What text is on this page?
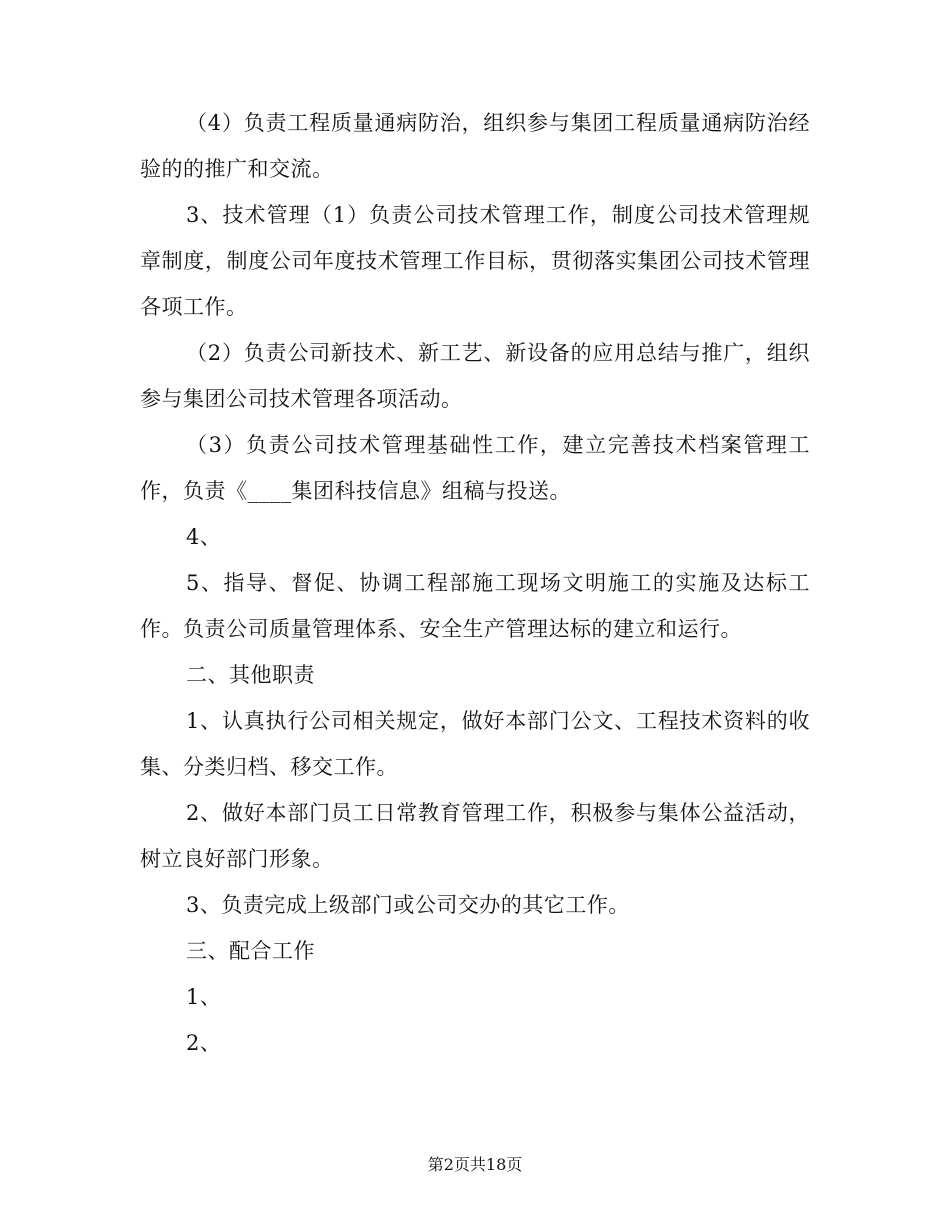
（4）负责工程质量通病防治，组织参与集团工程质量通病防治经验的的推广和交流。

3、技术管理（1）负责公司技术管理工作，制度公司技术管理规章制度，制度公司年度技术管理工作目标，贯彻落实集团公司技术管理各项工作。

（2）负责公司新技术、新工艺、新设备的应用总结与推广，组织参与集团公司技术管理各项活动。

（3）负责公司技术管理基础性工作，建立完善技术档案管理工作，负责《____集团科技信息》组稿与投送。

4、

5、指导、督促、协调工程部施工现场文明施工的实施及达标工作。负责公司质量管理体系、安全生产管理达标的建立和运行。

二、其他职责

1、认真执行公司相关规定，做好本部门公文、工程技术资料的收集、分类归档、移交工作。

2、做好本部门员工日常教育管理工作，积极参与集体公益活动，树立良好部门形象。

3、负责完成上级部门或公司交办的其它工作。

三、配合工作

1、

2、

第2页共18页
